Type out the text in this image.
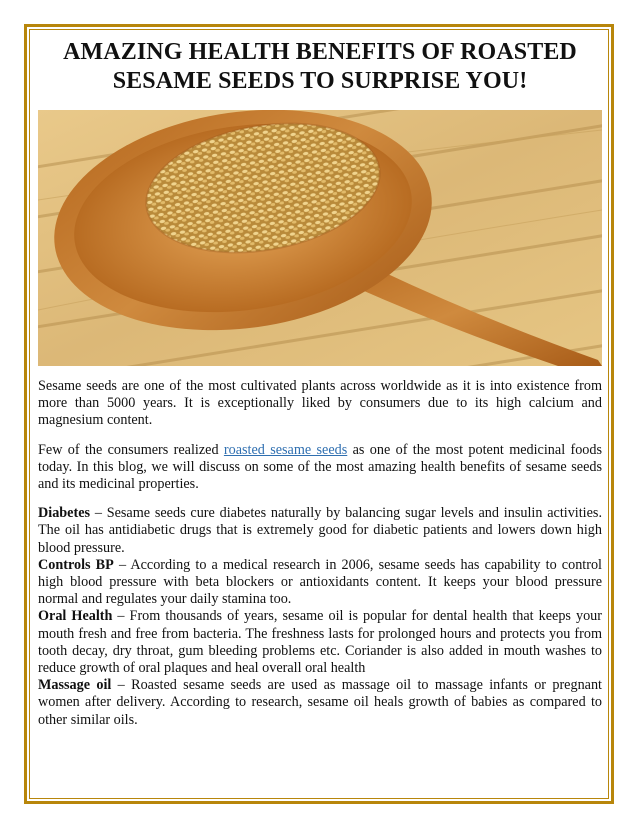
AMAZING HEALTH BENEFITS OF ROASTED SESAME SEEDS TO SURPRISE YOU!

Sesame seeds are one of the most cultivated plants across worldwide as it is into existence from more than 5000 years. It is exceptionally liked by consumers due to its high calcium and magnesium content.

Few of the consumers realized roasted sesame seeds as one of the most potent medicinal foods today. In this blog, we will discuss on some of the most amazing health benefits of sesame seeds and its medicinal properties.

Diabetes – Sesame seeds cure diabetes naturally by balancing sugar levels and insulin activities. The oil has antidiabetic drugs that is extremely good for diabetic patients and lowers down high blood pressure.

Controls BP – According to a medical research in 2006, sesame seeds has capability to control high blood pressure with beta blockers or antioxidants content. It keeps your blood pressure normal and regulates your daily stamina too.

Oral Health – From thousands of years, sesame oil is popular for dental health that keeps your mouth fresh and free from bacteria. The freshness lasts for prolonged hours and protects you from tooth decay, dry throat, gum bleeding problems etc. Coriander is also added in mouth washes to reduce growth of oral plaques and heal overall oral health

Massage oil – Roasted sesame seeds are used as massage oil to massage infants or pregnant women after delivery. According to research, sesame oil heals growth of babies as compared to other similar oils.
